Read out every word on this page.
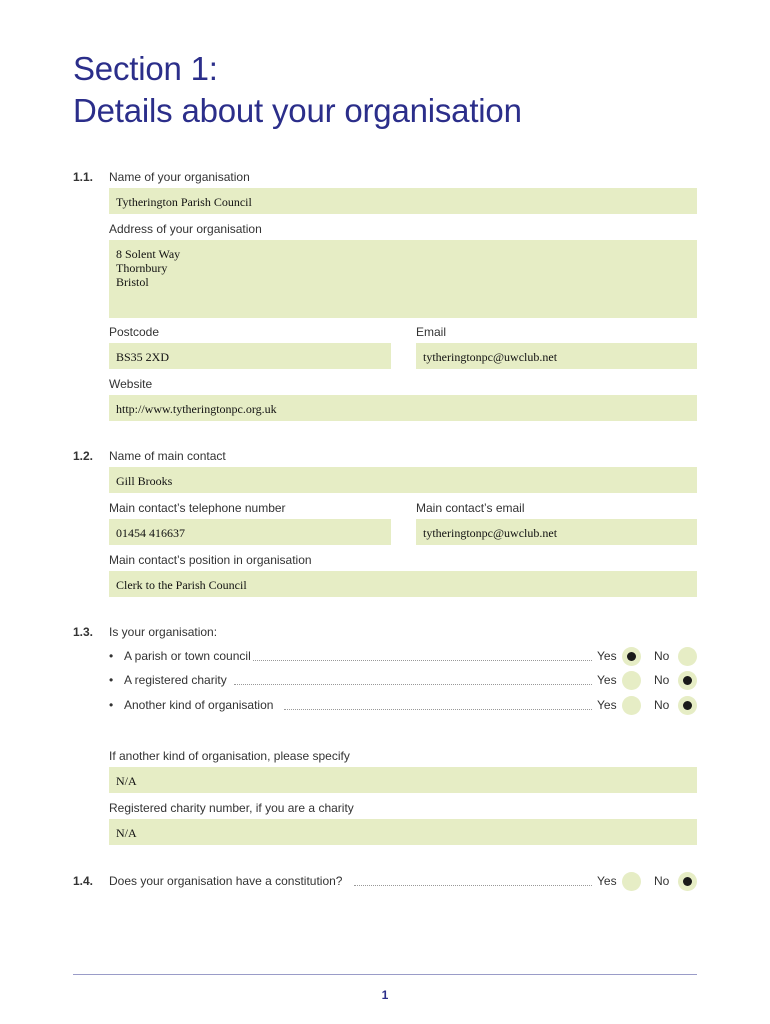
Section 1:
Details about your organisation
1.1. Name of your organisation
Tytherington Parish Council
Address of your organisation
8 Solent Way
Thornbury
Bristol
Postcode
BS35 2XD
Email
tytheringtonpc@uwclub.net
Website
http://www.tytheringtonpc.org.uk
1.2. Name of main contact
Gill Brooks
Main contact’s telephone number
01454 416637
Main contact’s email
tytheringtonpc@uwclub.net
Main contact’s position in organisation
Clerk to the Parish Council
1.3. Is your organisation:
• A parish or town council	Yes	No
• A registered charity	Yes	No
• Another kind of organisation	Yes	No
If another kind of organisation, please specify
N/A
Registered charity number, if you are a charity
N/A
1.4. Does your organisation have a constitution?	Yes	No
1
